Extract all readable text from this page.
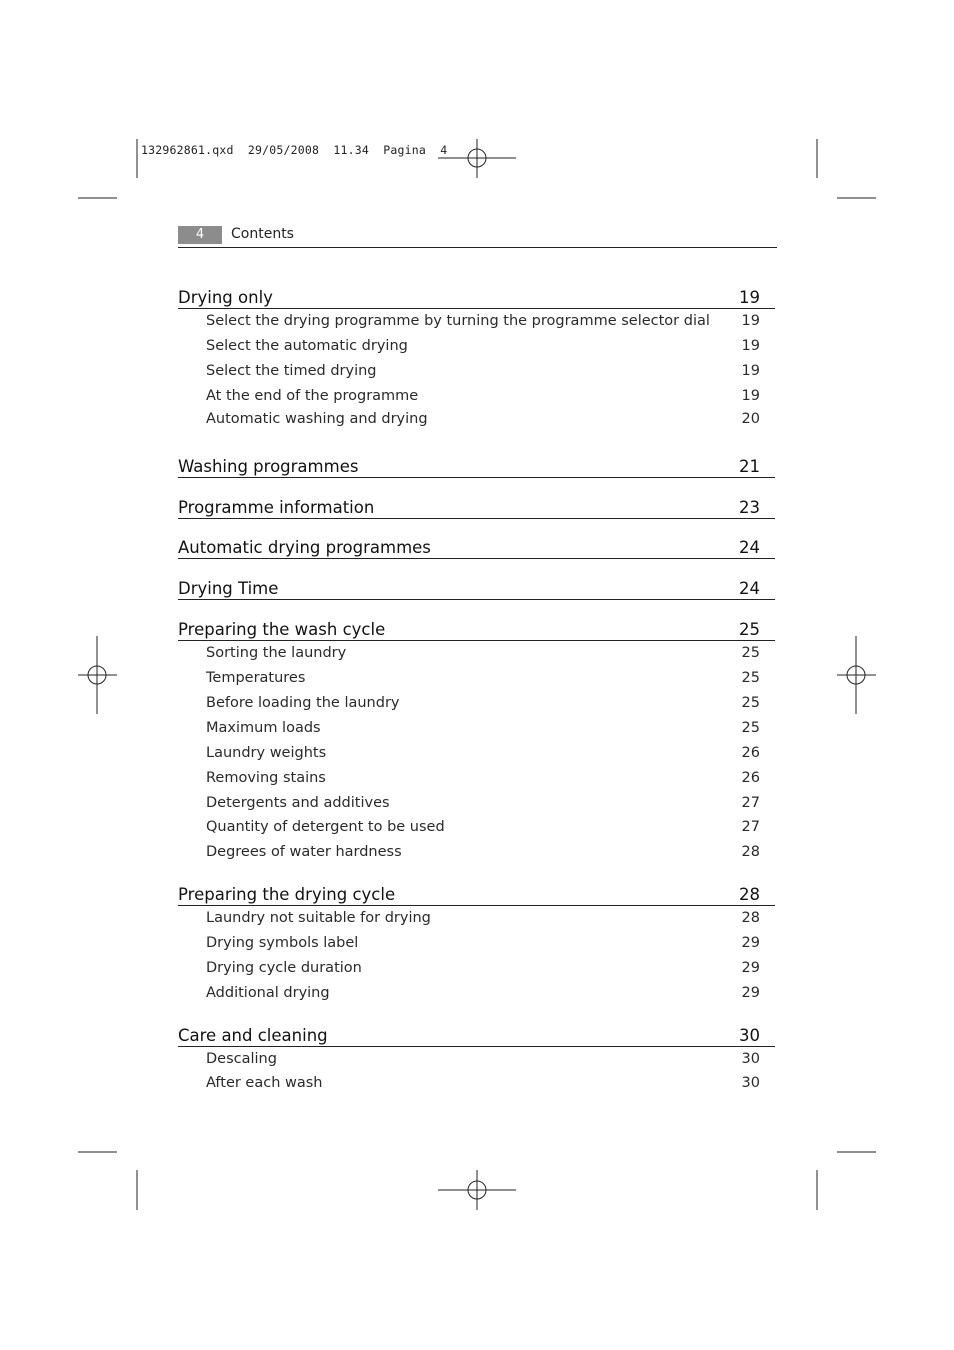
132962861.qxd  29/05/2008  11.34  Pagina  4
4	Contents
Drying only	19
Select the drying programme by turning the programme selector dial 19
Select the automatic drying	19
Select the timed drying	19
At the end of the programme	19
Automatic washing and drying	20
Washing programmes	21
Programme information	23
Automatic drying programmes	24
Drying Time	24
Preparing the wash cycle	25
Sorting the laundry	25
Temperatures	25
Before loading the laundry	25
Maximum loads	25
Laundry weights	26
Removing stains	26
Detergents and additives	27
Quantity of detergent to be used	27
Degrees of water hardness	28
Preparing the drying cycle	28
Laundry not suitable for drying	28
Drying symbols label	29
Drying cycle duration	29
Additional drying	29
Care and cleaning	30
Descaling	30
After each wash	30
